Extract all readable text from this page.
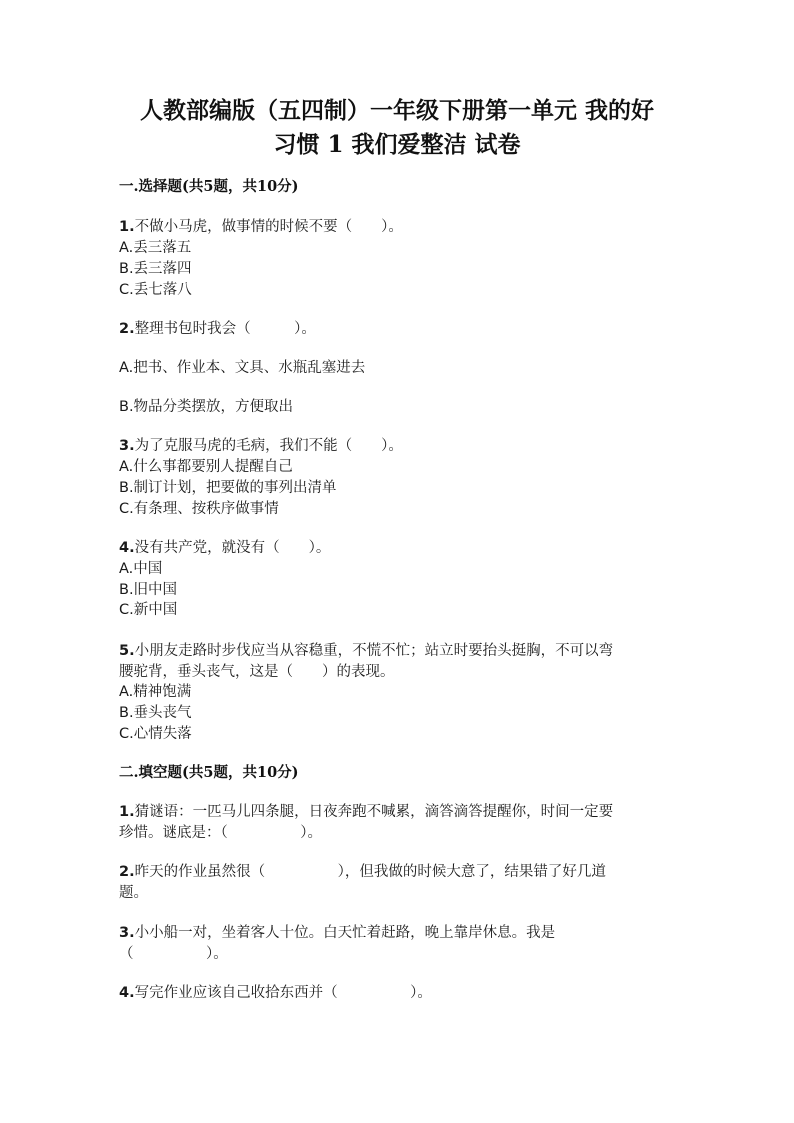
人教部编版（五四制）一年级下册第一单元 我的好
习惯 1 我们爱整洁 试卷
一.选择题(共5题，共10分)
1.不做小马虎，做事情的时候不要（　　）。
A.丢三落五
B.丢三落四
C.丢七落八
2.整理书包时我会（　　　）。
A.把书、作业本、文具、水瓶乱塞进去
B.物品分类摆放，方便取出
3.为了克服马虎的毛病，我们不能（　　）。
A.什么事都要别人提醒自己
B.制订计划，把要做的事列出清单
C.有条理、按秩序做事情
4.没有共产党，就没有（　　）。
A.中国
B.旧中国
C.新中国
5.小朋友走路时步伐应当从容稳重，不慌不忙；站立时要抬头挺胸，不可以弯
腰驼背，垂头丧气，这是（　　）的表现。
A.精神饱满
B.垂头丧气
C.心情失落
二.填空题(共5题，共10分)
1.猜谜语：一匹马儿四条腿，日夜奔跑不喊累，滴答滴答提醒你，时间一定要
珍惜。谜底是：（　　　　　）。
2.昨天的作业虽然很（　　　　　），但我做的时候大意了，结果错了好几道
题。
3.小小船一对，坐着客人十位。白天忙着赶路，晚上靠岸休息。我是
（　　　　　）。
4.写完作业应该自己收拾东西并（　　　　　）。
